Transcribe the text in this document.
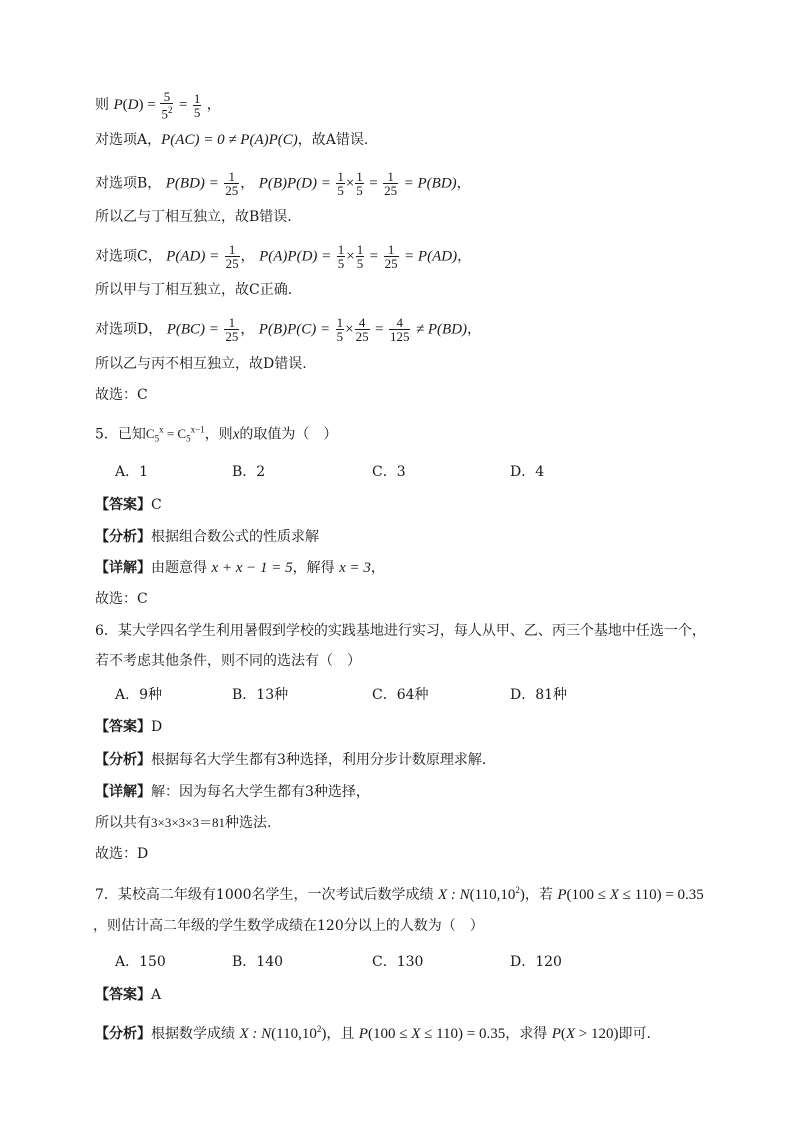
则 $P(D) = \frac{5}{5^2} = \frac{1}{5}$ ，
对选项A，P(AC) = 0 ≠ P(A)P(C)，故A错误.
对选项B， $P(BD) = \frac{1}{25}$ ， $P(B)P(D) = \frac{1}{5} \times \frac{1}{5} = \frac{1}{25} = P(BD)$，
所以乙与丁相互独立，故B错误.
对选项C， $P(AD) = \frac{1}{25}$ ， $P(A)P(D) = \frac{1}{5} \times \frac{1}{5} = \frac{1}{25} = P(AD)$，
所以甲与丁相互独立，故C正确.
对选项D， $P(BC) = \frac{1}{25}$ ， $P(B)P(C) = \frac{1}{5} \times \frac{4}{25} = \frac{4}{125} \ne P(BD)$，
所以乙与丙不相互独立，故D错误.
故选：C
5．已知$C_5^x = C_5^{x-1}$，则x的取值为（　）
A．1	B．2	C．3	D．4
【答案】C
【分析】根据组合数公式的性质求解
【详解】由题意得 x + x − 1 = 5，解得 x = 3，
故选：C
6．某大学四名学生利用暑假到学校的实践基地进行实习，每人从甲、乙、丙三个基地中任选一个，
若不考虑其他条件，则不同的选法有（　）
A．9种	B．13种	C．64种	D．81种
【答案】D
【分析】根据每名大学生都有3种选择，利用分步计数原理求解.
【详解】解：因为每名大学生都有3种选择，
所以共有3×3×3×3＝81种选法.
故选：D
7．某校高二年级有1000名学生，一次考试后数学成绩 X : N(110,10$^2$)，若 P(100 ≤ X ≤ 110) = 0.35
，则估计高二年级的学生数学成绩在120分以上的人数为（　）
A．150	B．140	C．130	D．120
【答案】A
【分析】根据数学成绩 X : N(110,10$^2$)，且 P(100 ≤ X ≤ 110) = 0.35，求得 P(X > 120)即可.
